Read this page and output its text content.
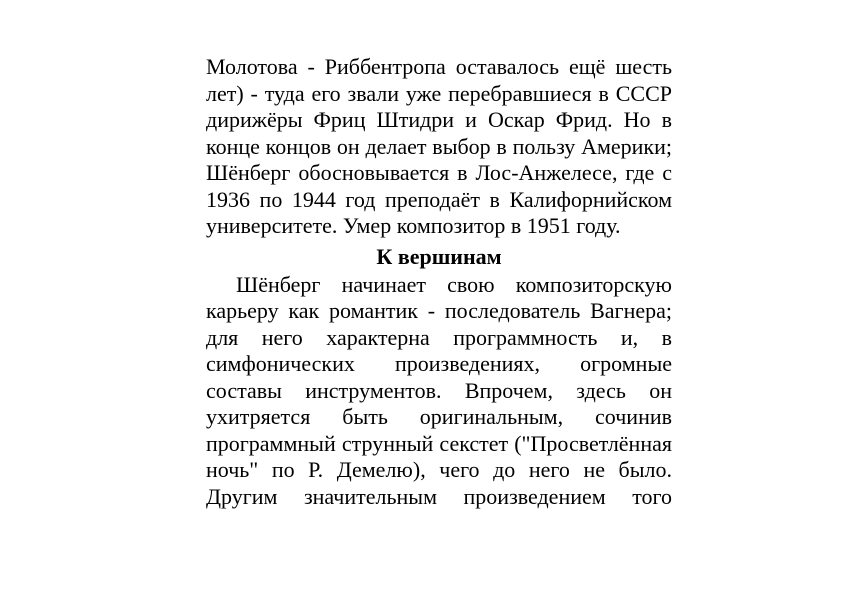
Молотова - Риббентропа оставалось ещё шесть
лет) - туда его звали уже перебравшиеся в СССР
дирижёры Фриц Штидри и Оскар Фрид. Но в
конце концов он делает выбор в пользу Америки;
Шёнберг обосновывается в Лос-Анжелесе, где с
1936 по 1944 год преподаёт в Калифорнийском
университете. Умер композитор в 1951 году.
К вершинам
Шёнберг начинает свою композиторскую
карьеру как романтик - последователь Вагнера;
для него характерна программность и, в
симфонических произведениях, огромные
составы инструментов. Впрочем, здесь он
ухитряется быть оригинальным, сочинив
программный струнный секстет ("Просветлённая
ночь" по Р. Демелю), чего до него не было.
Другим значительным произведением того
